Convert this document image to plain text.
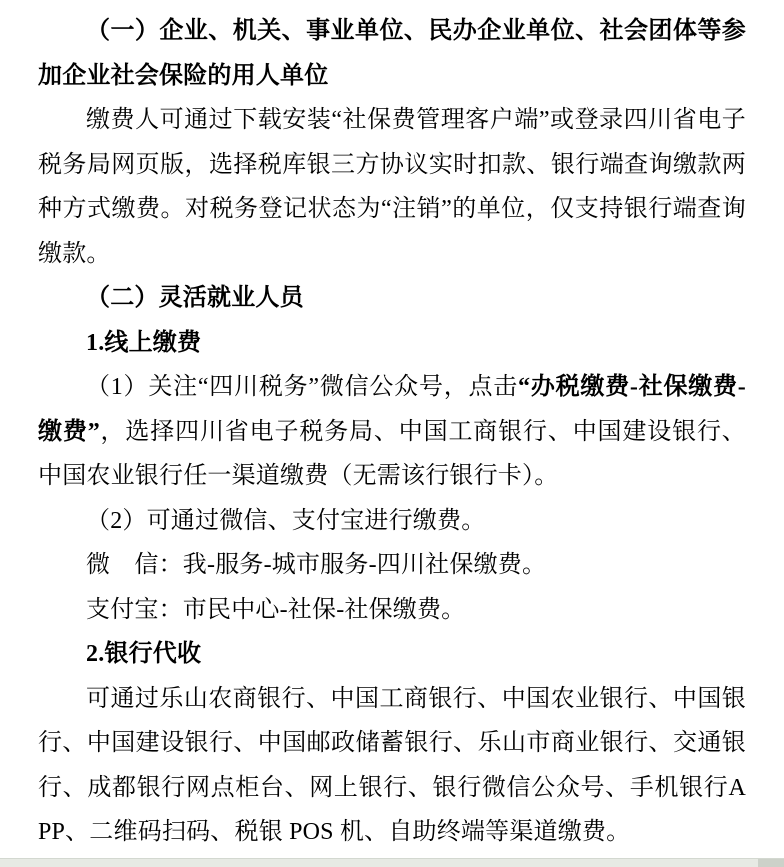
（一）企业、机关、事业单位、民办企业单位、社会团体等参加企业社会保险的用人单位

缴费人可通过下载安装“社保费管理客户端”或登录四川省电子税务局网页版，选择税库银三方协议实时扣款、银行端查询缴款两种方式缴费。对税务登记状态为“注销”的单位，仅支持银行端查询缴款。

（二）灵活就业人员

1.线上缴费

（1）关注“四川税务”微信公众号，点击“办税缴费-社保缴费-缴费”，选择四川省电子税务局、中国工商银行、中国建设银行、中国农业银行任一渠道缴费（无需该行银行卡）。

（2）可通过微信、支付宝进行缴费。

微　信：我-服务-城市服务-四川社保缴费。

支付宝：市民中心-社保-社保缴费。

2.银行代收

可通过乐山农商银行、中国工商银行、中国农业银行、中国银行、中国建设银行、中国邮政储蓄银行、乐山市商业银行、交通银行、成都银行网点柜台、网上银行、银行微信公众号、手机银行APP、二维码扫码、税银 POS 机、自助终端等渠道缴费。
